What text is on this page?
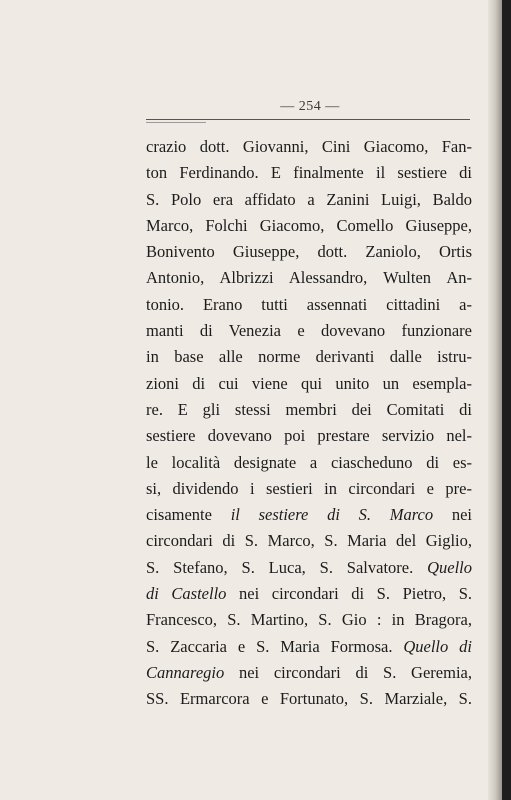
— 254 —
crazio dott. Giovanni, Cini Giacomo, Fan-
ton Ferdinando. E finalmente il sestiere di
S. Polo era affidato a Zanini Luigi, Baldo
Marco, Folchi Giacomo, Comello Giuseppe,
Bonivento Giuseppe, dott. Zaniolo, Ortis
Antonio, Albrizzi Alessandro, Wulten An-
tonio. Erano tutti assennati cittadini a-
manti di Venezia e dovevano funzionare
in base alle norme derivanti dalle istru-
zioni di cui viene qui unito un esempla-
re. E gli stessi membri dei Comitati di
sestiere dovevano poi prestare servizio nel-
le località designate a ciascheduno di es-
si, dividendo i sestieri in circondari e pre-
cisamente il sestiere di S. Marco nei
circondari di S. Marco, S. Maria del Giglio,
S. Stefano, S. Luca, S. Salvatore. Quello
di Castello nei circondari di S. Pietro, S.
Francesco, S. Martino, S. Gio : in Bragora,
S. Zaccaria e S. Maria Formosa. Quello di
Cannaregio nei circondari di S. Geremia,
SS. Ermarcora e Fortunato, S. Marziale, S.
